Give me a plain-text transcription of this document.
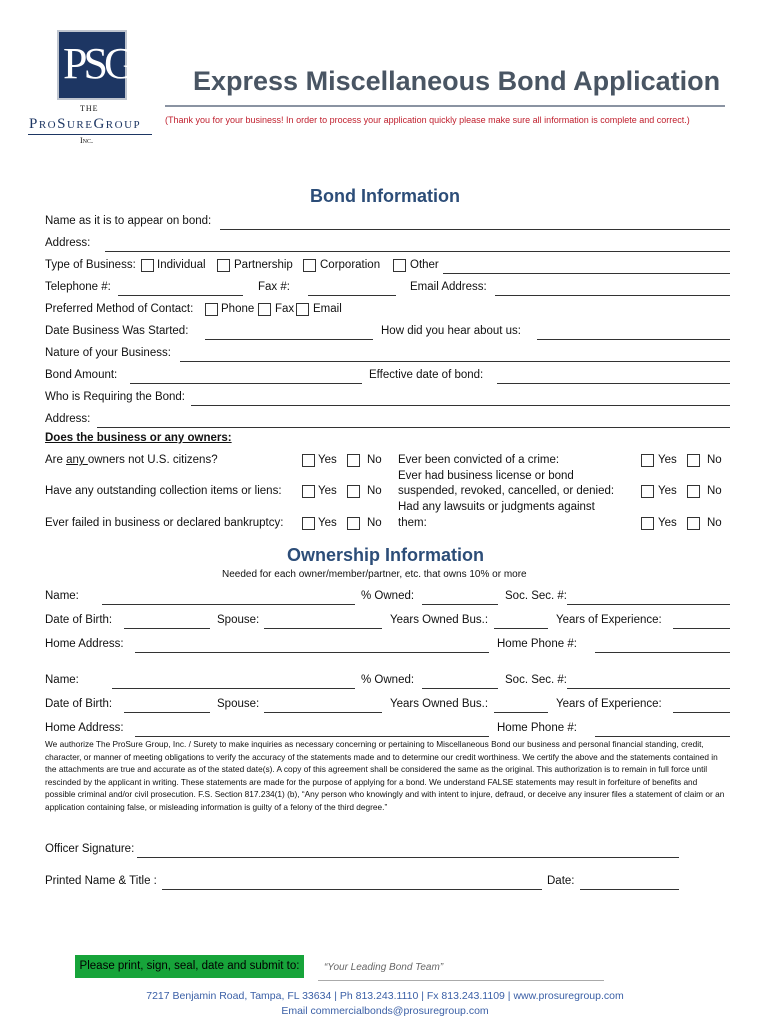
PSG
THE
ProSureGroup
Inc.
Express Miscellaneous Bond Application
(Thank you for your business! In order to process your application quickly please make sure all information is complete and correct.)
Bond Information
Name as it is to appear on bond:
Address:
Type of Business: Individual Partnership Corporation	Other
Telephone #:	Fax #:	Email Address:
Preferred Method of Contact: Phone Fax Email
Date Business Was Started:	How did you hear about us:
Nature of your Business:
Bond Amount:	Effective date of bond:
Who is Requiring the Bond:
Address:
Does the business or any owners:
Are any owners not U.S. citizens?	Yes	No
Have any outstanding collection items or liens:	Yes	No
Ever failed in business or declared bankruptcy:	Yes	No
Ever been convicted of a crime:	Yes	No
Ever had business license or bond
suspended, revoked, cancelled, or denied:	Yes	No
Had any lawsuits or judgments against
them:	Yes	No
Ownership Information
Needed for each owner/member/partner, etc. that owns 10% or more
Name:	% Owned:	Soc. Sec. #:
Date of Birth:	Spouse:	Years Owned Bus.:	Years of Experience:
Home Address:	Home Phone #:
Name:	% Owned:	Soc. Sec. #:
Date of Birth:	Spouse:	Years Owned Bus.:	Years of Experience:
Home Address:	Home Phone #:
We authorize The ProSure Group, Inc. / Surety to make inquiries as necessary concerning or pertaining to Miscellaneous Bond our business and personal financial standing, credit, character, or manner of meeting obligations to verify the accuracy of the statements made and to determine our credit worthiness. We certify the above and the statements contained in the attachments are true and accurate as of the stated date(s). A copy of this agreement shall be considered the same as the original. This authorization is to remain in full force until rescinded by the applicant in writing. These statements are made for the purpose of applying for a bond. We understand FALSE statements may result in forfeiture of benefits and possible criminal and/or civil prosecution. F.S. Section 817.234(1) (b), “Any person who knowingly and with intent to injure, defraud, or deceive any insurer files a statement of claim or an application containing false, or misleading information is guilty of a felony of the third degree.”
Officer Signature:
Printed Name & Title :	Date:
Please print, sign, seal, date and submit to:	“Your Leading Bond Team”
7217 Benjamin Road, Tampa, FL 33634 | Ph 813.243.1110 | Fx 813.243.1109 | www.prosuregroup.com
Email commercialbonds@prosuregroup.com
